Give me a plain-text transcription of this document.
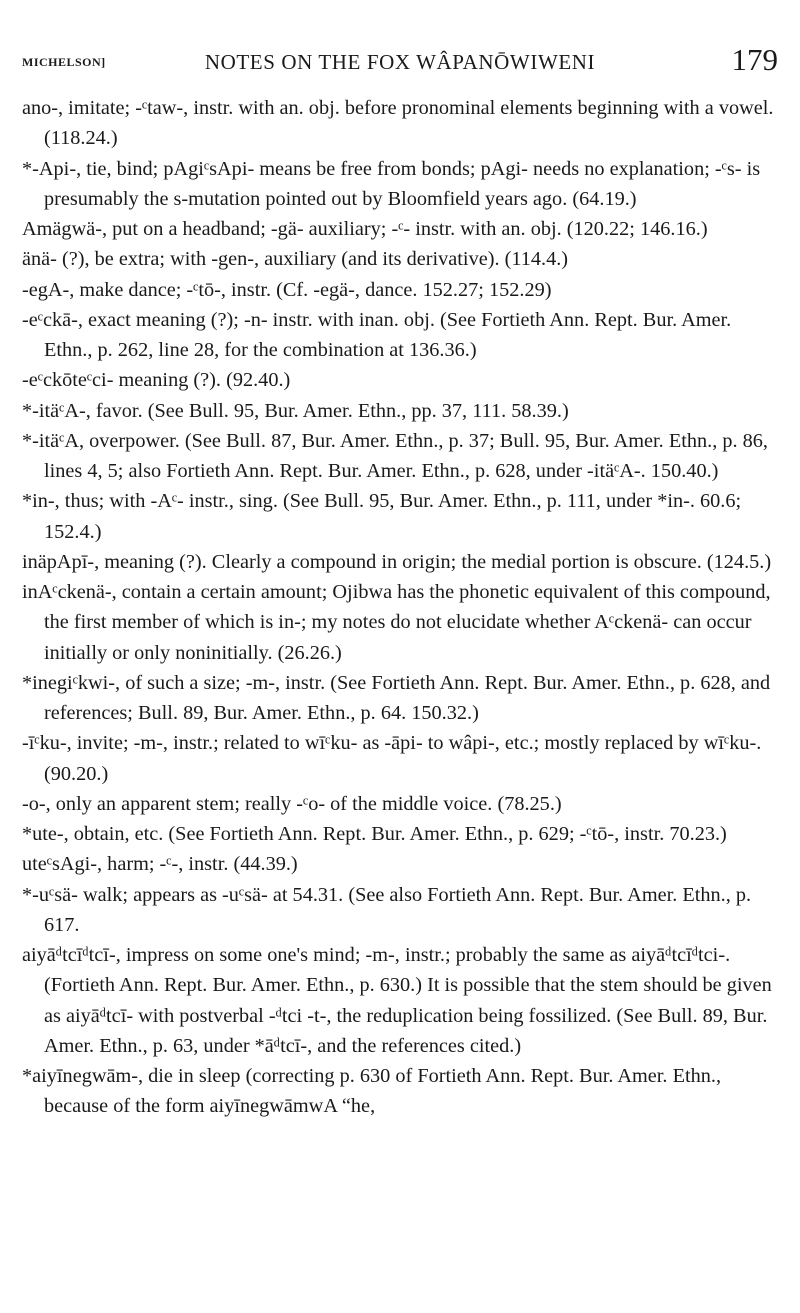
MICHELSON]	NOTES ON THE FOX WÂPANŌWIWENI	179

ano-, imitate; -ᶜtaw-, instr. with an. obj. before pronominal elements beginning with a vowel. (118.24.)

*-Api-, tie, bind; pAgiᶜsApi- means be free from bonds; pAgi- needs no explanation; -ᶜs- is presumably the s-mutation pointed out by Bloomfield years ago. (64.19.)

Amägwä-, put on a headband; -gä- auxiliary; -ᶜ- instr. with an. obj. (120.22; 146.16.)

änä- (?), be extra; with -gen-, auxiliary (and its derivative). (114.4.)

-egA-, make dance; -ᶜtō-, instr. (Cf. -egä-, dance. 152.27; 152.29)

-eᶜckā-, exact meaning (?); -n- instr. with inan. obj. (See Fortieth Ann. Rept. Bur. Amer. Ethn., p. 262, line 28, for the combination at 136.36.)

-eᶜckōteᶜci- meaning (?). (92.40.)

*-itäᶜA-, favor. (See Bull. 95, Bur. Amer. Ethn., pp. 37, 111. 58.39.)

*-itäᶜA, overpower. (See Bull. 87, Bur. Amer. Ethn., p. 37; Bull. 95, Bur. Amer. Ethn., p. 86, lines 4, 5; also Fortieth Ann. Rept. Bur. Amer. Ethn., p. 628, under -itäᶜA-. 150.40.)

*in-, thus; with -Aᶜ- instr., sing. (See Bull. 95, Bur. Amer. Ethn., p. 111, under *in-. 60.6; 152.4.)

inäpApī-, meaning (?). Clearly a compound in origin; the medial portion is obscure. (124.5.)

inAᶜckenä-, contain a certain amount; Ojibwa has the phonetic equivalent of this compound, the first member of which is in-; my notes do not elucidate whether Aᶜckenä- can occur initially or only noninitially. (26.26.)

*inegiᶜkwi-, of such a size; -m-, instr. (See Fortieth Ann. Rept. Bur. Amer. Ethn., p. 628, and references; Bull. 89, Bur. Amer. Ethn., p. 64. 150.32.)

-īᶜku-, invite; -m-, instr.; related to wīᶜku- as -āpi- to wâpi-, etc.; mostly replaced by wīᶜku-. (90.20.)

-o-, only an apparent stem; really -ᶜo- of the middle voice. (78.25.)

*ute-, obtain, etc. (See Fortieth Ann. Rept. Bur. Amer. Ethn., p. 629; -ᶜtō-, instr. 70.23.)

uteᶜsAgi-, harm; -ᶜ-, instr. (44.39.)

*-uᶜsä- walk; appears as -uᶜsä- at 54.31. (See also Fortieth Ann. Rept. Bur. Amer. Ethn., p. 617.

aiyāᵈtcīᵈtcī-, impress on some one's mind; -m-, instr.; probably the same as aiyāᵈtcīᵈtci-. (Fortieth Ann. Rept. Bur. Amer. Ethn., p. 630.) It is possible that the stem should be given as aiyāᵈtcī- with postverbal -ᵈtci -t-, the reduplication being fossilized. (See Bull. 89, Bur. Amer. Ethn., p. 63, under *āᵈtcī-, and the references cited.)

*aiyīnegwām-, die in sleep (correcting p. 630 of Fortieth Ann. Rept. Bur. Amer. Ethn., because of the form aiyīnegwāmwA “he,
